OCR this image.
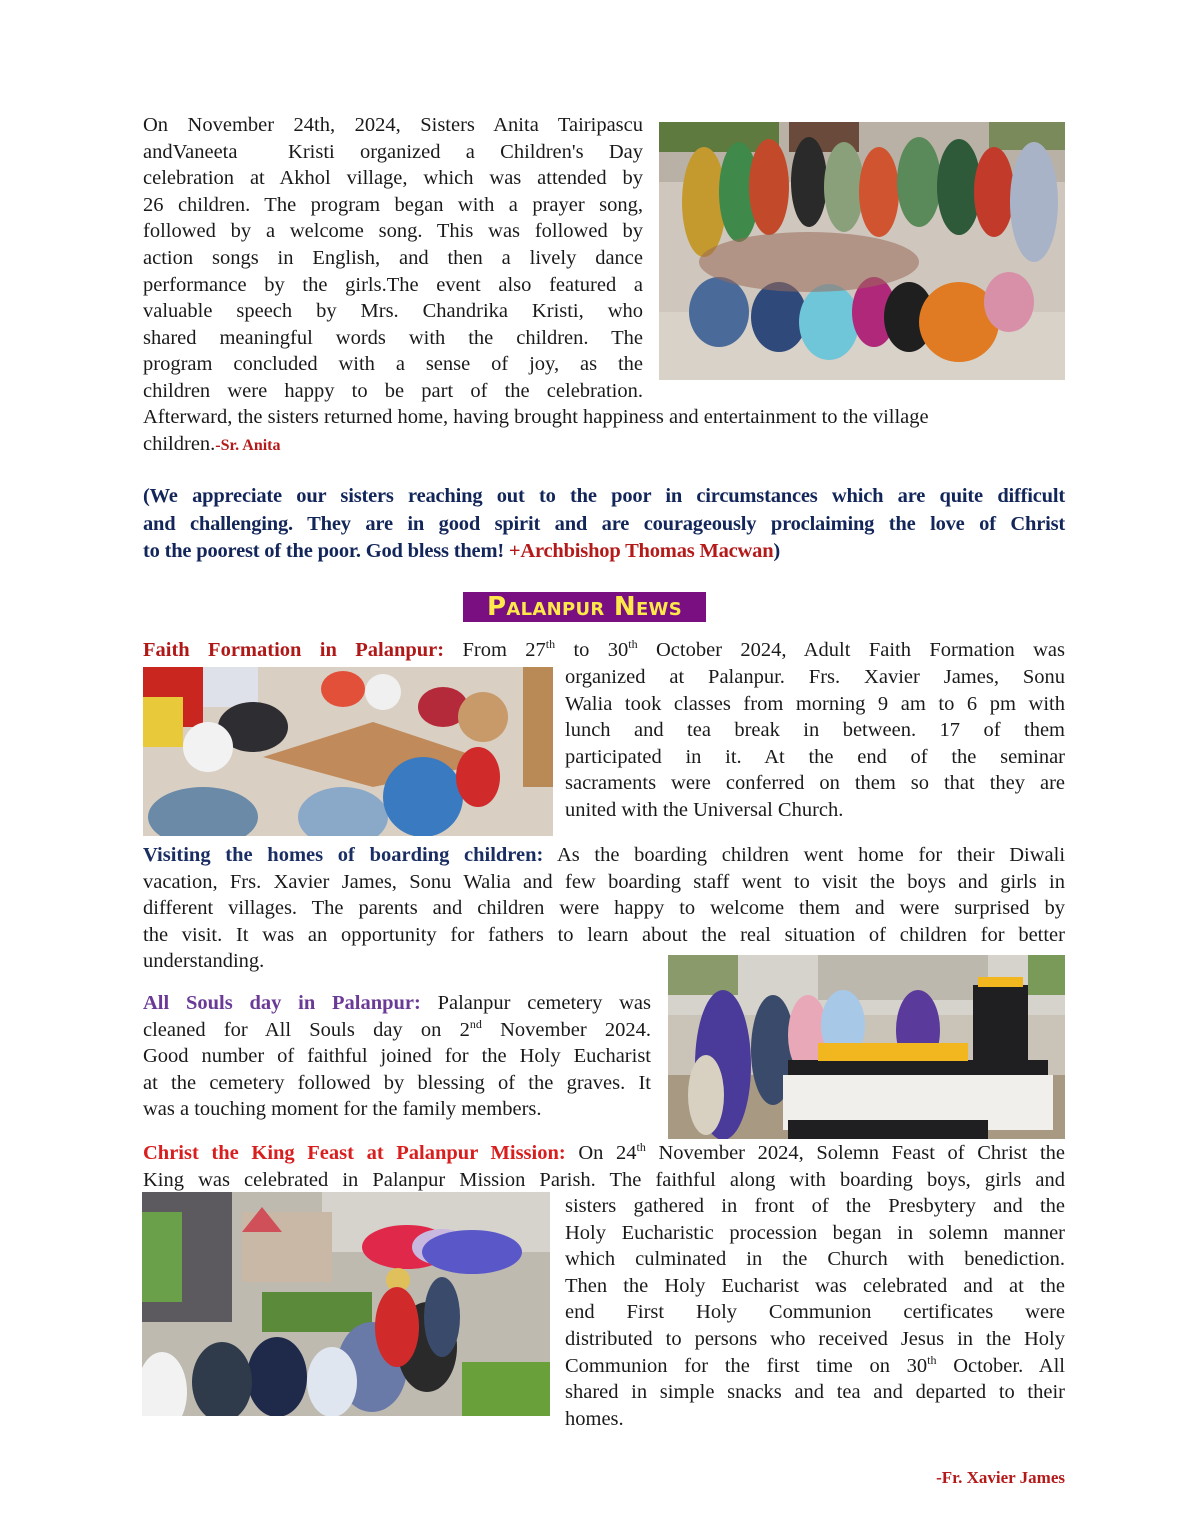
On November 24th, 2024, Sisters Anita Tairipascu

andVaneeta  Kristi organized a Children's Day

celebration at Akhol village, which was attended by

26 children. The program began with a prayer song,

followed by a welcome song. This was followed by

action songs in English, and then a lively dance

performance by the girls.The event also featured a

valuable speech by Mrs. Chandrika Kristi, who

shared meaningful words with the children. The

program concluded with a sense of joy, as the

children were happy to be part of the celebration.

Afterward, the sisters returned home, having brought happiness and entertainment to the village

children.-Sr. Anita

(We appreciate our sisters reaching out to the poor in circumstances which are quite difficult
and challenging. They are in good spirit and are courageously proclaiming the love of Christ
to the poorest of the poor. God bless them! +Archbishop Thomas Macwan)
Palanpur News

Faith Formation in Palanpur: From 27th to 30th October 2024, Adult Faith Formation was

organized at Palanpur. Frs. Xavier James, Sonu

Walia took classes from morning 9 am to 6 pm with

lunch and tea break in between. 17 of them

participated in it. At the end of the seminar

sacraments were conferred on them so that they are

united with the Universal Church.

Visiting the homes of boarding children: As the boarding children went home for their Diwali

vacation, Frs. Xavier James, Sonu Walia and few boarding staff went to visit the boys and girls in

different villages. The parents and children were happy to welcome them and were surprised by

the visit. It was an opportunity for fathers to learn about the real situation of children for better

understanding.

All Souls day in Palanpur: Palanpur cemetery was

cleaned for All Souls day on 2nd November 2024.

Good number of faithful joined for the Holy Eucharist

at the cemetery followed by blessing of the graves. It

was a touching moment for the family members.

Christ the King Feast at Palanpur Mission: On 24th November 2024, Solemn Feast of Christ the

King was celebrated in Palanpur Mission Parish. The faithful along with boarding boys, girls and

sisters gathered in front of the Presbytery and the

Holy Eucharistic procession began in solemn manner

which culminated in the Church with benediction.

Then the Holy Eucharist was celebrated and at the

end First Holy Communion certificates were

distributed to persons who received Jesus in the Holy

Communion for the first time on 30th October. All

shared in simple snacks and tea and departed to their

homes.

-Fr. Xavier James
